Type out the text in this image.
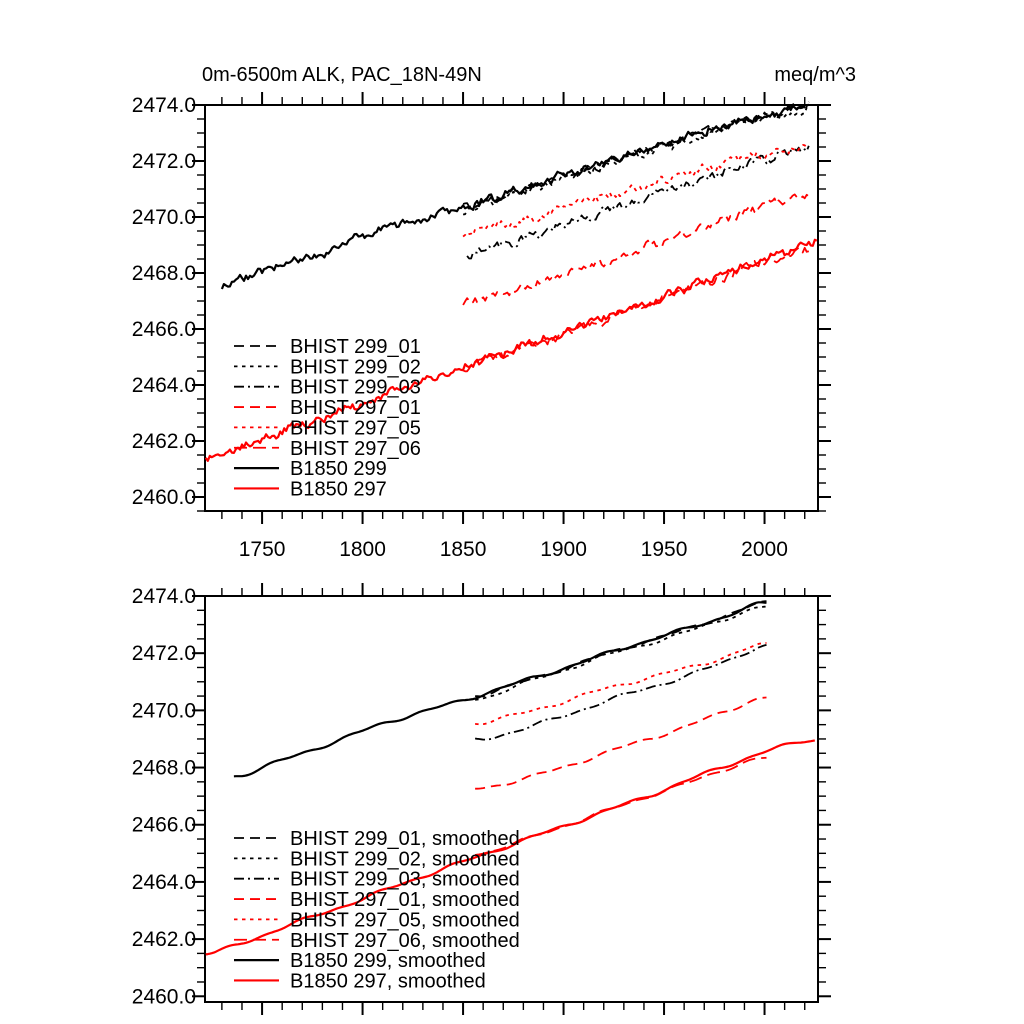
0m-6500m ALK, PAC_18N-49N	meq/m^3
1750	1800	1850	1900	1950	2000
2474.0
2472.0
2470.0
2468.0
2466.0
2464.0
2462.0
2460.0
BHIST 299_01
BHIST 299_02
BHIST 299_03
BHIST 297_01
BHIST 297_05
BHIST 297_06
B1850 299
B1850 297
2474.0
2472.0
2470.0
2468.0
2466.0
2464.0
2462.0
2460.0
BHIST 299_01, smoothed
BHIST 299_02, smoothed
BHIST 299_03, smoothed
BHIST 297_01, smoothed
BHIST 297_05, smoothed
BHIST 297_06, smoothed
B1850 299, smoothed
B1850 297, smoothed
